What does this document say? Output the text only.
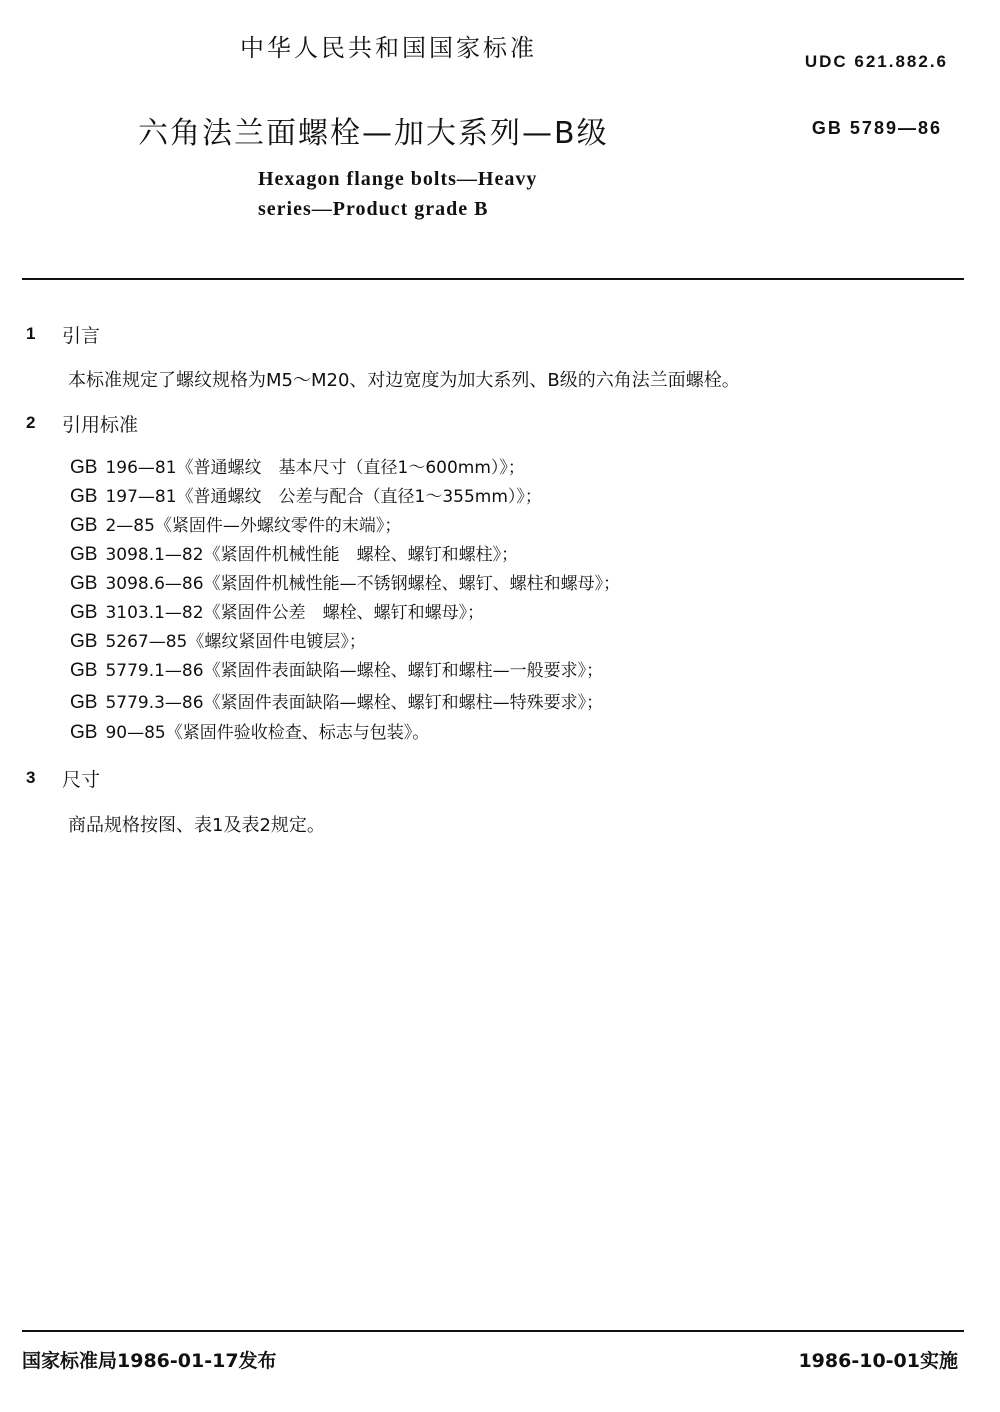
中华人民共和国国家标准	UDC 621.882.6
六角法兰面螺栓—加大系列—B级	GB 5789—86
Hexagon flange bolts—Heavy
series—Product grade B
1 引言
本标准规定了螺纹规格为M5～M20、对边宽度为加大系列、B级的六角法兰面螺栓。
2 引用标准
GB 196—81《普通螺纹　基本尺寸（直径1～600mm）》；
GB 197—81《普通螺纹　公差与配合（直径1～355mm）》；
GB 2—85《紧固件—外螺纹零件的末端》；
GB 3098.1—82《紧固件机械性能　螺栓、螺钉和螺柱》；
GB 3098.6—86《紧固件机械性能—不锈钢螺栓、螺钉、螺柱和螺母》；
GB 3103.1—82《紧固件公差　螺栓、螺钉和螺母》；
GB 5267—85《螺纹紧固件电镀层》；
GB 5779.1—86《紧固件表面缺陷—螺栓、螺钉和螺柱—一般要求》；
GB 5779.3—86《紧固件表面缺陷—螺栓、螺钉和螺柱—特殊要求》；
GB 90—85《紧固件验收检查、标志与包装》。
3 尺寸
商品规格按图、表1及表2规定。
国家标准局1986-01-17发布	1986-10-01实施
